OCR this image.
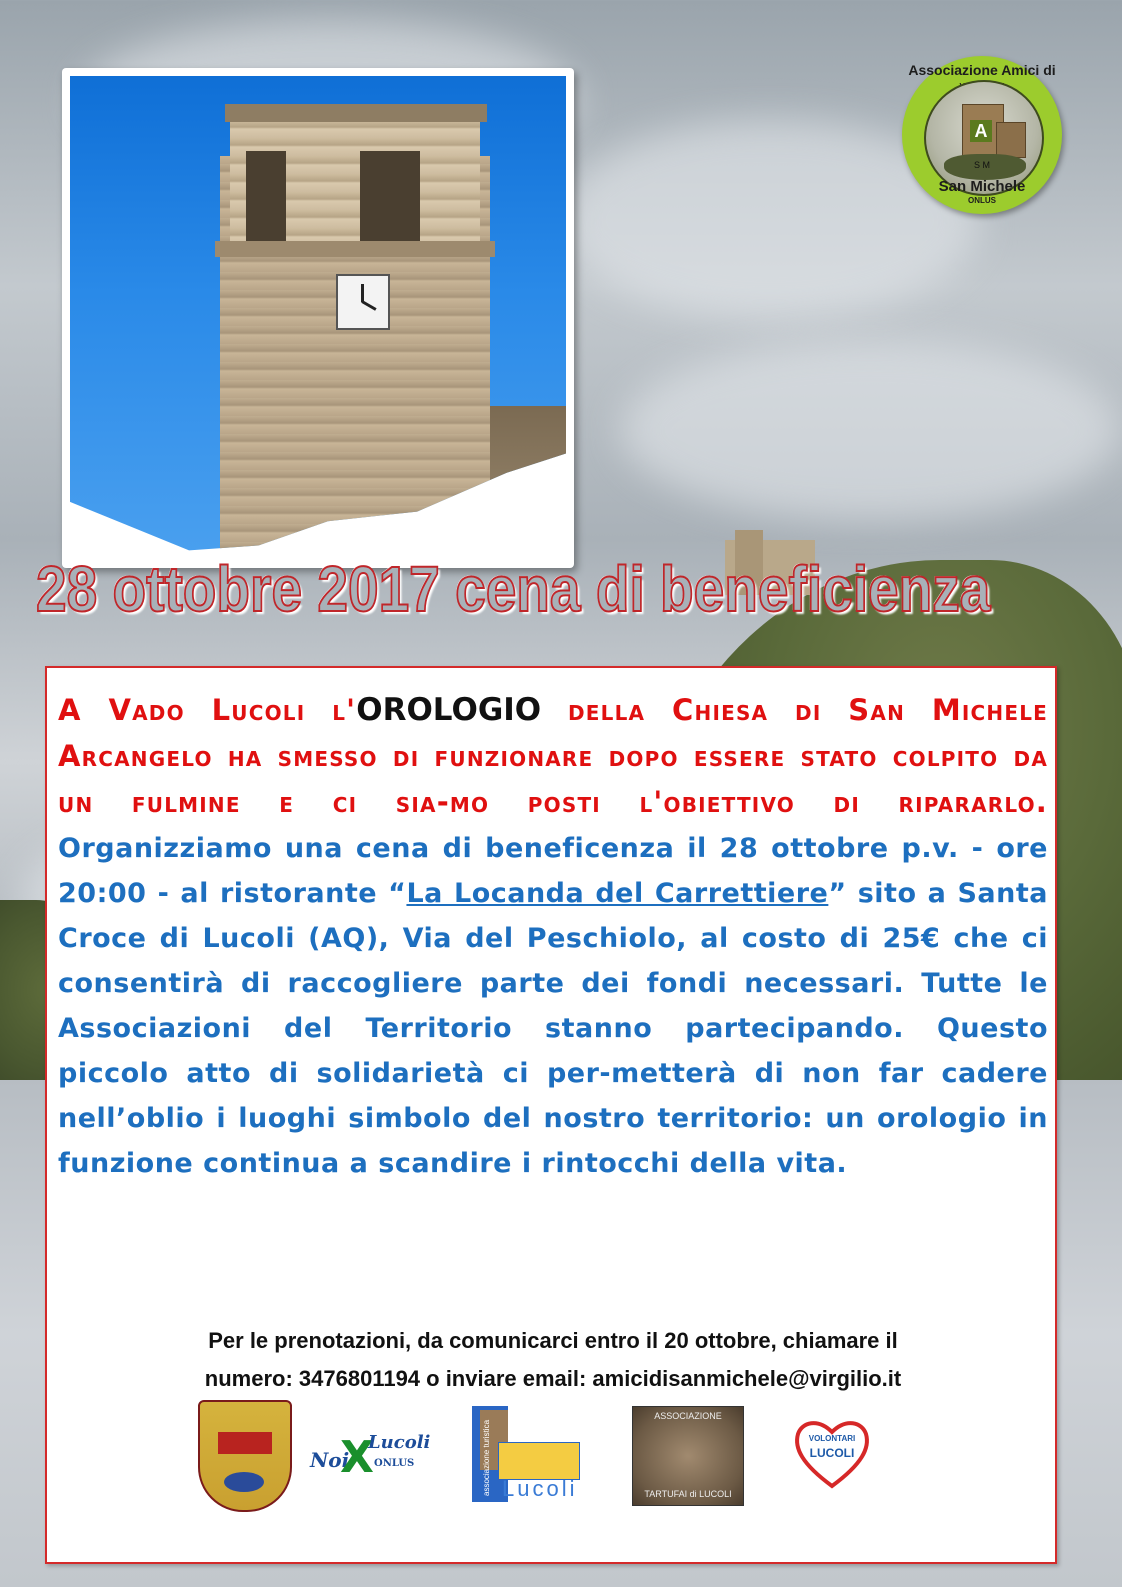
Associazione Amici di
A
S M
San Michele
ONLUS
28 ottobre 2017 cena di beneficienza
A Vado Lucoli l'OROLOGIO della Chiesa di San Michele Arcangelo ha smesso di funzionare dopo essere stato colpito da un fulmine e ci sia-mo posti l'obiettivo di ripararlo. Organizziamo una cena di beneficenza il 28 ottobre p.v. - ore 20:00 - al ristorante “La Locanda del Carrettiere” sito a Santa Croce di Lucoli (AQ), Via del Peschiolo, al costo di 25€ che ci consentirà di raccogliere parte dei fondi necessari. Tutte le Associazioni del Territorio stanno partecipando. Questo piccolo atto di solidarietà ci per-metterà di non far cadere nell’oblio i luoghi simbolo del nostro territorio: un orologio in funzione continua a scandire i rintocchi della vita.
Per le prenotazioni, da comunicarci entro il 20 ottobre, chiamare il
numero: 3476801194 o inviare email: amicidisanmichele@virgilio.it
Noi
X
Lucoli
ONLUS	associazione turistica Lucoli
ASSOCIAZIONE
TARTUFAI di LUCOLI
VOLONTARI
LUCOLI
